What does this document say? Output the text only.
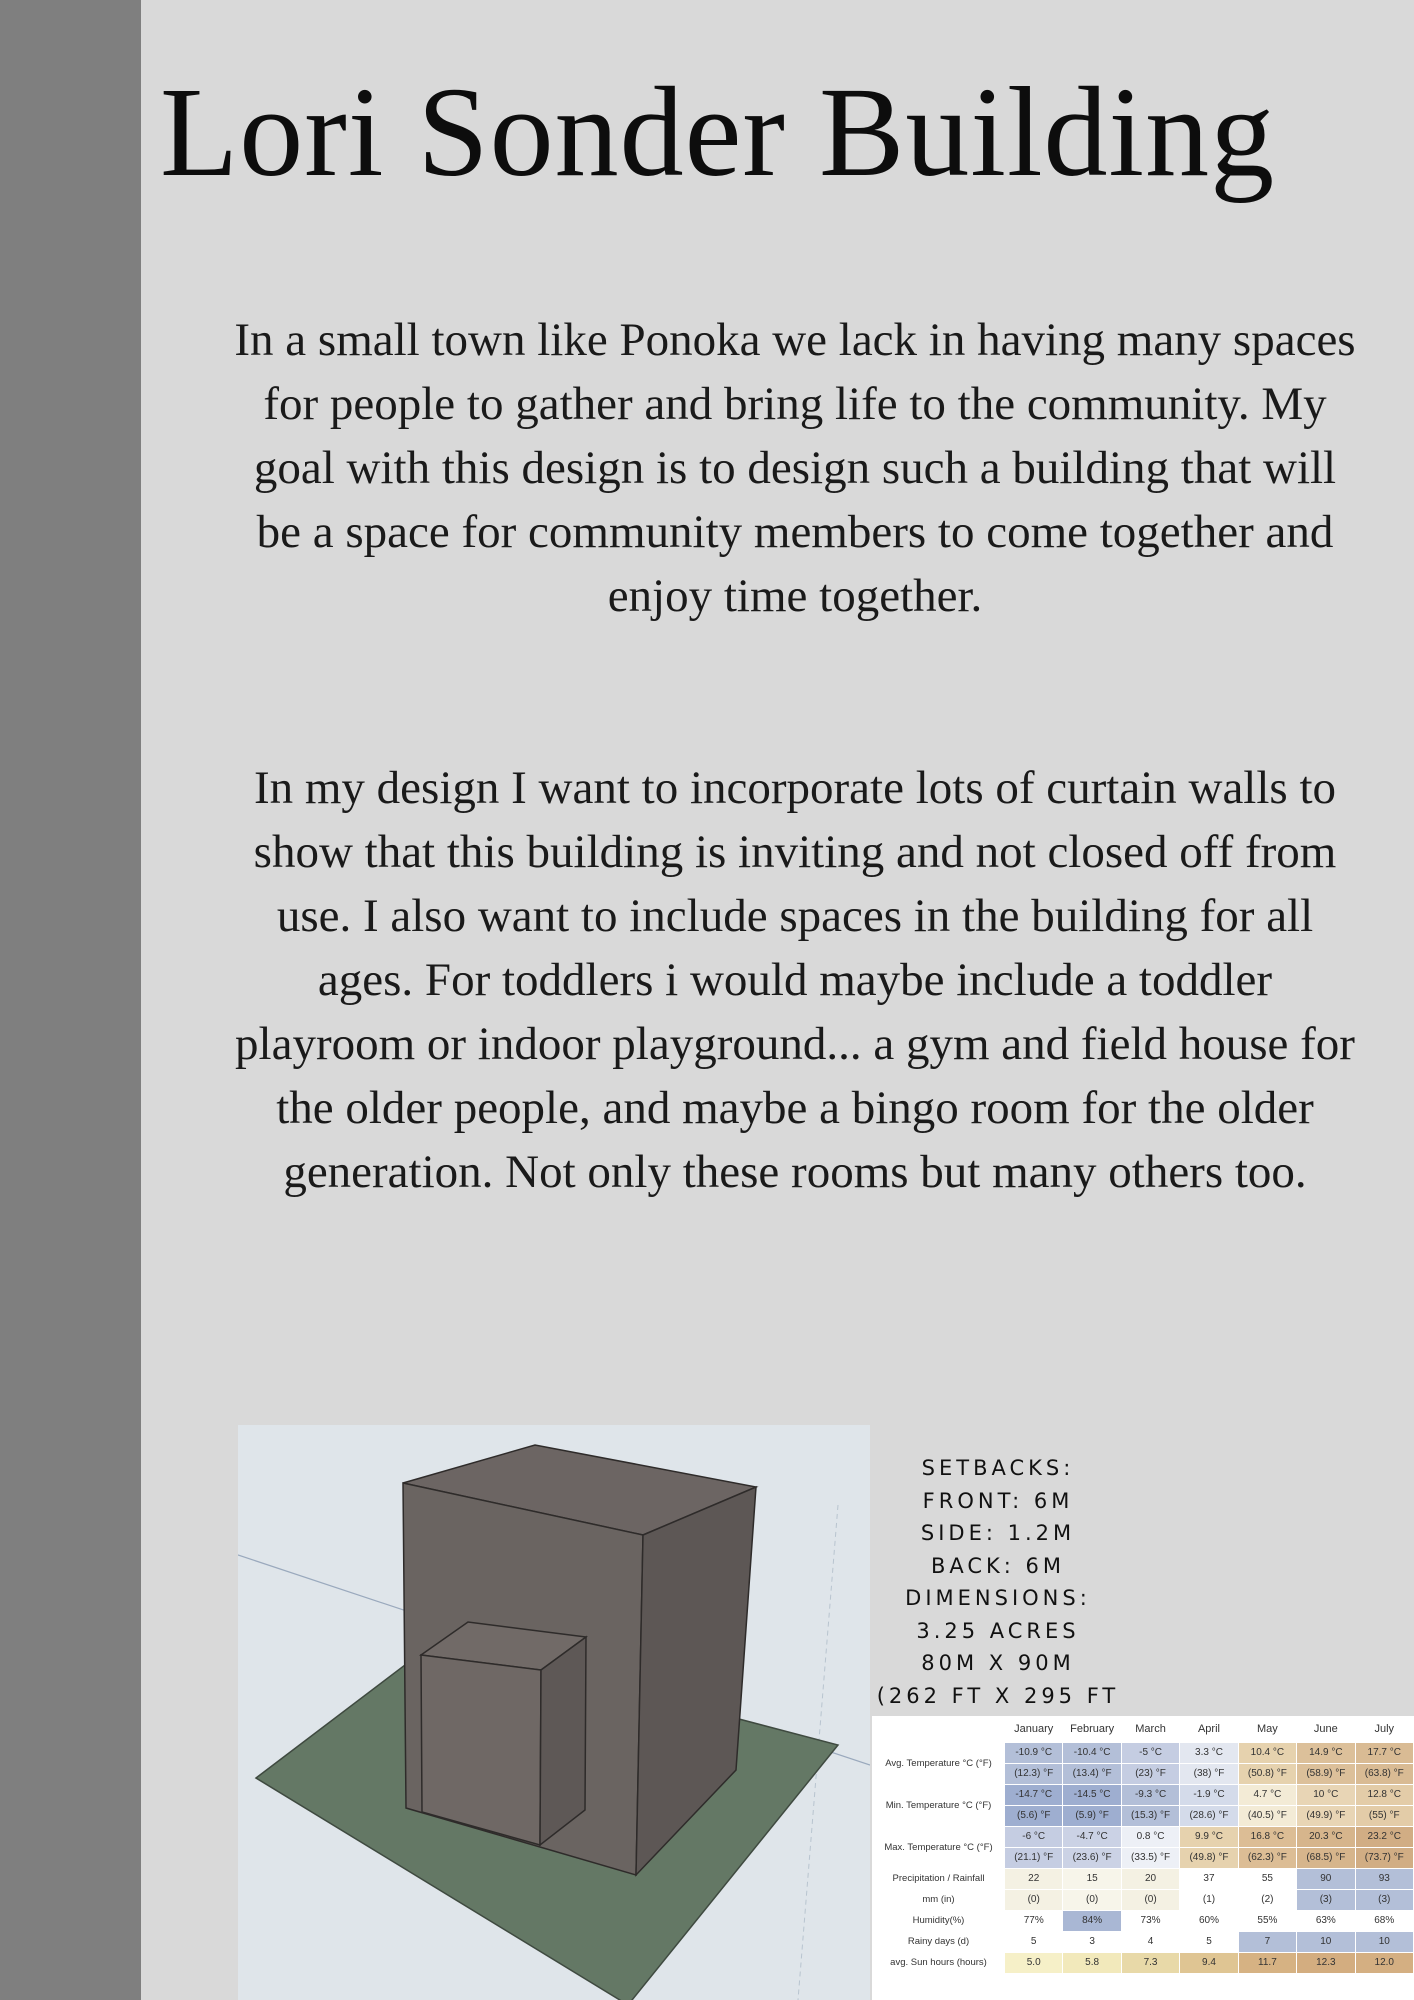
Lori Sonder Building

In a small town like Ponoka we lack in having many spaces for people to gather and bring life to the community. My goal with this design is to design such a building that will be a space for community members to come together and enjoy time together.

In my design I want to incorporate lots of curtain walls to show that this building is inviting and not closed off from use. I also want to include spaces in the building for all ages. For toddlers i would maybe include a toddler playroom or indoor playground... a gym and field house for the older people, and maybe a bingo room for the older generation. Not only these rooms but many others too.

SETBACKS:
FRONT: 6M
SIDE: 1.2M
BACK: 6M
DIMENSIONS:
3.25 ACRES
80M X 90M
(262 FT X 295 FT
	January	February	March	April	May	June	July
Avg. Temperature °C (°F)	-10.9 °C	-10.4 °C	-5 °C	3.3 °C	10.4 °C	14.9 °C	17.7 °C
	(12.3) °F	(13.4) °F	(23) °F	(38) °F	(50.8) °F	(58.9) °F	(63.8) °F
Min. Temperature °C (°F)	-14.7 °C	-14.5 °C	-9.3 °C	-1.9 °C	4.7 °C	10 °C	12.8 °C
	(5.6) °F	(5.9) °F	(15.3) °F	(28.6) °F	(40.5) °F	(49.9) °F	(55) °F
Max. Temperature °C (°F)	-6 °C	-4.7 °C	0.8 °C	9.9 °C	16.8 °C	20.3 °C	23.2 °C
	(21.1) °F	(23.6) °F	(33.5) °F	(49.8) °F	(62.3) °F	(68.5) °F	(73.7) °F
Precipitation / Rainfall	22	15	20	37	55	90	93
mm (in)	(0)	(0)	(0)	(1)	(2)	(3)	(3)
Humidity(%)	77%	84%	73%	60%	55%	63%	68%
Rainy days (d)	5	3	4	5	7	10	10
avg. Sun hours (hours)	5.0	5.8	7.3	9.4	11.7	12.3	12.0
